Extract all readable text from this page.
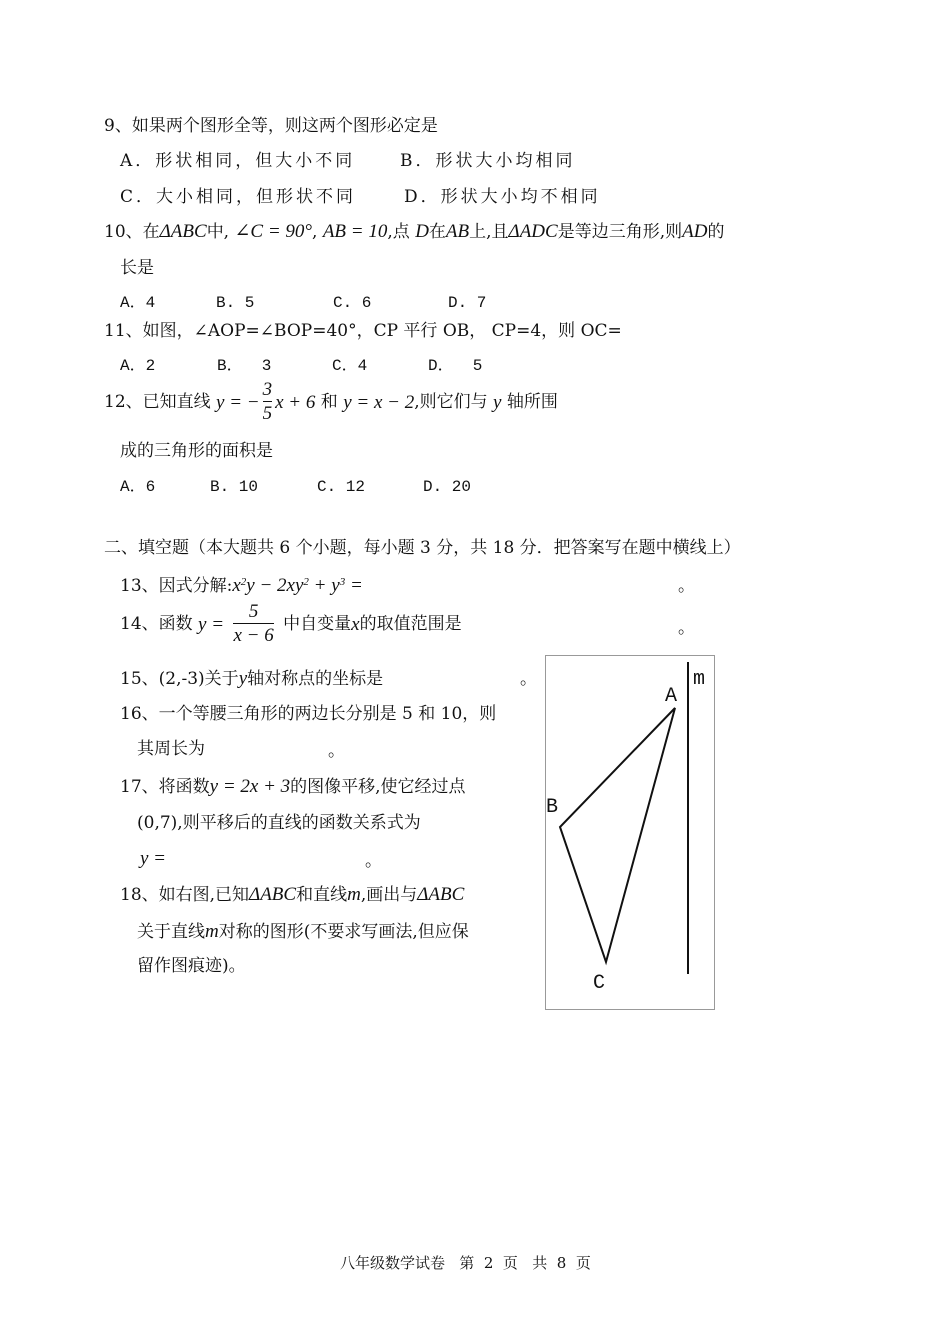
9、如果两个图形全等，则这两个图形必定是
A．形状相同，但大小不同	B．形状大小均相同
C．大小相同，但形状不同	D．形状大小均不相同
10、在ΔABC中, ∠C = 90°, AB = 10,点 D在AB上,且ΔADC是等边三角形,则AD的
长是
A．4	B. 5	C. 6	D. 7
11、如图，∠AOP=∠BOP=40°，CP 平行 OB， CP=4，则 OC=
A．2	B．  3	C．4	D．  5
12、已知直线 y = − $\frac{3}{5}$ x + 6 和 y = x − 2,则它们与 y 轴所围
成的三角形的面积是
A．6	B. 10	C. 12	D. 20
二、填空题（本大题共 6 个小题，每小题 3 分，共 18 分．把答案写在题中横线上）
13、因式分解$:x^2y - 2xy^2 + y^3$ =	。
14、函数 $y = \frac{5}{x - 6}$ 中自变量x的取值范围是	。
15、(2,-3)关于y轴对称点的坐标是	。
16、一个等腰三角形的两边长分别是 5 和 10，则
其周长为	。
17、将函数y = 2x + 3的图像平移,使它经过点
(0,7),则平移后的直线的函数关系式为
y =	。
18、如右图,已知ΔABC和直线m,画出与ΔABC
关于直线m对称的图形(不要求写画法,但应保
留作图痕迹)。
A
B
C
m
八年级数学试卷   第  2  页   共  8  页
